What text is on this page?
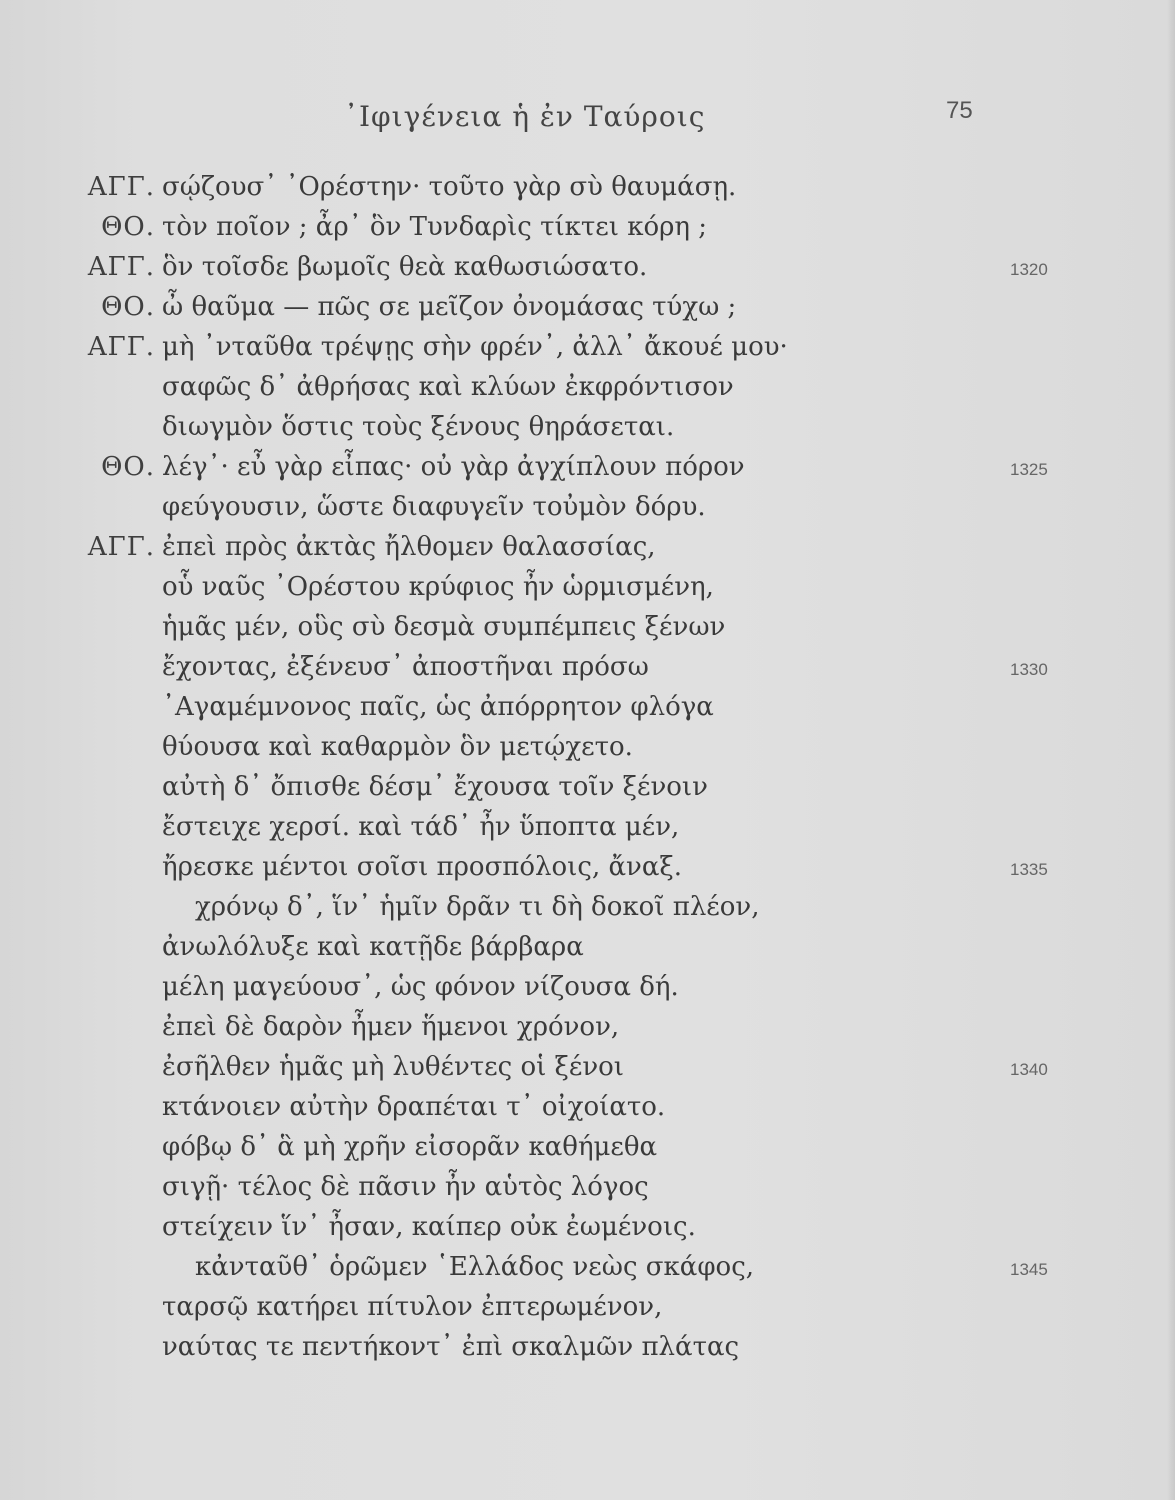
᾿Ιφιγένεια ἡ ἐν Ταύροις	75
ΑΓΓ. σῴζουσ᾿ ᾿Ορέστην· τοῦτο γὰρ σὺ θαυμάσῃ.
ΘΟ. τὸν ποῖον ; ἆρ᾿ ὃν Τυνδαρὶς τίκτει κόρη ;
ΑΓΓ. ὃν τοῖσδε βωμοῖς θεὰ καθωσιώσατο.	1320
ΘΟ. ὦ θαῦμα — πῶς σε μεῖζον ὀνομάσας τύχω ;
ΑΓΓ. μὴ ᾿νταῦθα τρέψῃς σὴν φρέν᾿, ἀλλ᾿ ἄκουέ μου·
σαφῶς δ᾿ ἀθρήσας καὶ κλύων ἐκφρόντισον
διωγμὸν ὅστις τοὺς ξένους θηράσεται.
ΘΟ. λέγ᾿· εὖ γὰρ εἶπας· οὐ γὰρ ἀγχίπλουν πόρον	1325
φεύγουσιν, ὥστε διαφυγεῖν τοὐμὸν δόρυ.
ΑΓΓ. ἐπεὶ πρὸς ἀκτὰς ἤλθομεν θαλασσίας,
οὗ ναῦς ᾿Ορέστου κρύφιος ἦν ὡρμισμένη,
ἡμᾶς μέν, οὓς σὺ δεσμὰ συμπέμπεις ξένων
ἔχοντας, ἐξένευσ᾿ ἀποστῆναι πρόσω	1330
᾿Αγαμέμνονος παῖς, ὡς ἀπόρρητον φλόγα
θύουσα καὶ καθαρμὸν ὃν μετῴχετο.
αὐτὴ δ᾿ ὄπισθε δέσμ᾿ ἔχουσα τοῖν ξένοιν
ἔστειχε χερσί. καὶ τάδ᾿ ἦν ὕποπτα μέν,
ἤρεσκε μέντοι σοῖσι προσπόλοις, ἄναξ.	1335
χρόνῳ δ᾿, ἵν᾿ ἡμῖν δρᾶν τι δὴ δοκοῖ πλέον,
ἀνωλόλυξε καὶ κατῇδε βάρβαρα
μέλη μαγεύουσ᾿, ὡς φόνον νίζουσα δή.
ἐπεὶ δὲ δαρὸν ἦμεν ἥμενοι χρόνον,
ἐσῆλθεν ἡμᾶς μὴ λυθέντες οἱ ξένοι	1340
κτάνοιεν αὐτὴν δραπέται τ᾿ οἰχοίατο.
φόβῳ δ᾿ ἃ μὴ χρῆν εἰσορᾶν καθήμεθα
σιγῇ· τέλος δὲ πᾶσιν ἦν αὑτὸς λόγος
στείχειν ἵν᾿ ἦσαν, καίπερ οὐκ ἐωμένοις.
κἀνταῦθ᾿ ὁρῶμεν ῾Ελλάδος νεὼς σκάφος,	1345
ταρσῷ κατήρει πίτυλον ἐπτερωμένον,
ναύτας τε πεντήκοντ᾿ ἐπὶ σκαλμῶν πλάτας
